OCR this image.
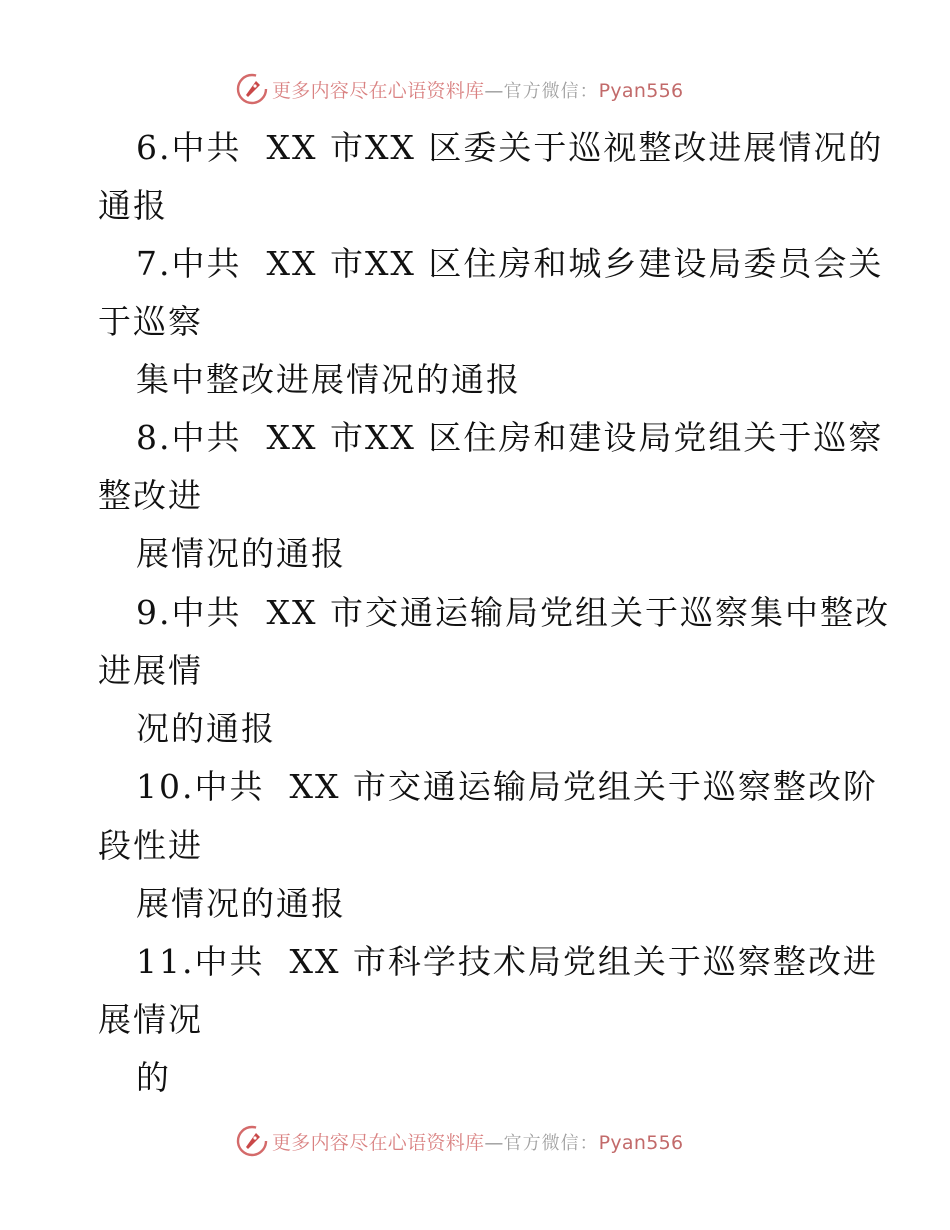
更多内容尽在心语资料库—官方微信：Pyan556
6.中共  XX 市XX 区委关于巡视整改进展情况的
通报
7.中共  XX 市XX 区住房和城乡建设局委员会关
于巡察
集中整改进展情况的通报
8.中共  XX 市XX 区住房和建设局党组关于巡察
整改进
展情况的通报
9.中共  XX 市交通运输局党组关于巡察集中整改
进展情
况的通报
10.中共  XX 市交通运输局党组关于巡察整改阶
段性进
展情况的通报
11.中共  XX 市科学技术局党组关于巡察整改进
展情况
的
更多内容尽在心语资料库—官方微信：Pyan556
